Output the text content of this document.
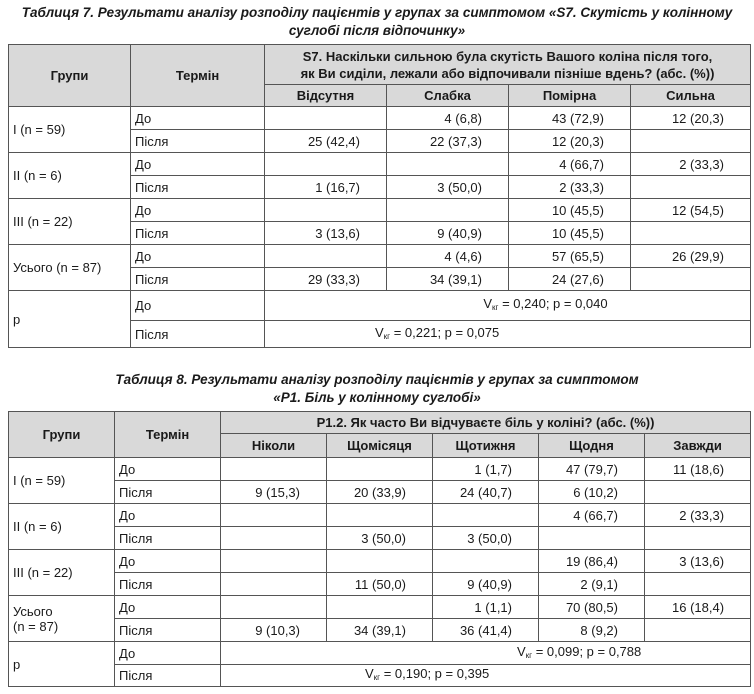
Таблиця 7. Результати аналізу розподілу пацієнтів у групах за симптомом «S7. Скутість у колінному
суглобі після відпочинку»
Групи	Термін	S7. Наскільки сильною була скутість Вашого коліна після того,
як Ви сиділи, лежали або відпочивали пізніше вдень? (абс. (%))			
		Відсутня	Слабка	Помірна	Сильна
І (n = 59)	До		4 (6,8)	43 (72,9)	12 (20,3)
	Після	25 (42,4)	22 (37,3)	12 (20,3)	
ІІ (n = 6)	До			4 (66,7)	2 (33,3)
	Після	1 (16,7)	3 (50,0)	2 (33,3)	
ІІІ (n = 22)	До			10 (45,5)	12 (54,5)
	Після	3 (13,6)	9 (40,9)	10 (45,5)	
Усього (n = 87)	До		4 (4,6)	57 (65,5)	26 (29,9)
	Після	29 (33,3)	34 (39,1)	24 (27,6)	
р	До	$V_{кг} = 0,240$; p = 0,040			
	Після	$V_{кг} = 0,221$; p = 0,075			
Таблиця 8. Результати аналізу розподілу пацієнтів у групах за симптомом
«Р1. Біль у колінному суглобі»
Групи	Термін	Р1.2. Як часто Ви відчуваєте біль у коліні? (абс. (%))				
		Ніколи	Щомісяця	Щотижня	Щодня	Завжди
І (n = 59)	До			1 (1,7)	47 (79,7)	11 (18,6)
	Після	9 (15,3)	20 (33,9)	24 (40,7)	6 (10,2)	
ІІ (n = 6)	До				4 (66,7)	2 (33,3)
	Після		3 (50,0)	3 (50,0)		
ІІІ (n = 22)	До				19 (86,4)	3 (13,6)
	Після		11 (50,0)	9 (40,9)	2 (9,1)	
Усього
(n = 87)	До			1 (1,1)	70 (80,5)	16 (18,4)
	Після	9 (10,3)	34 (39,1)	36 (41,4)	8 (9,2)	
р	До	$V_{кг} = 0,099$; p = 0,788				
	Після	$V_{кг} = 0,190$; p = 0,395				
